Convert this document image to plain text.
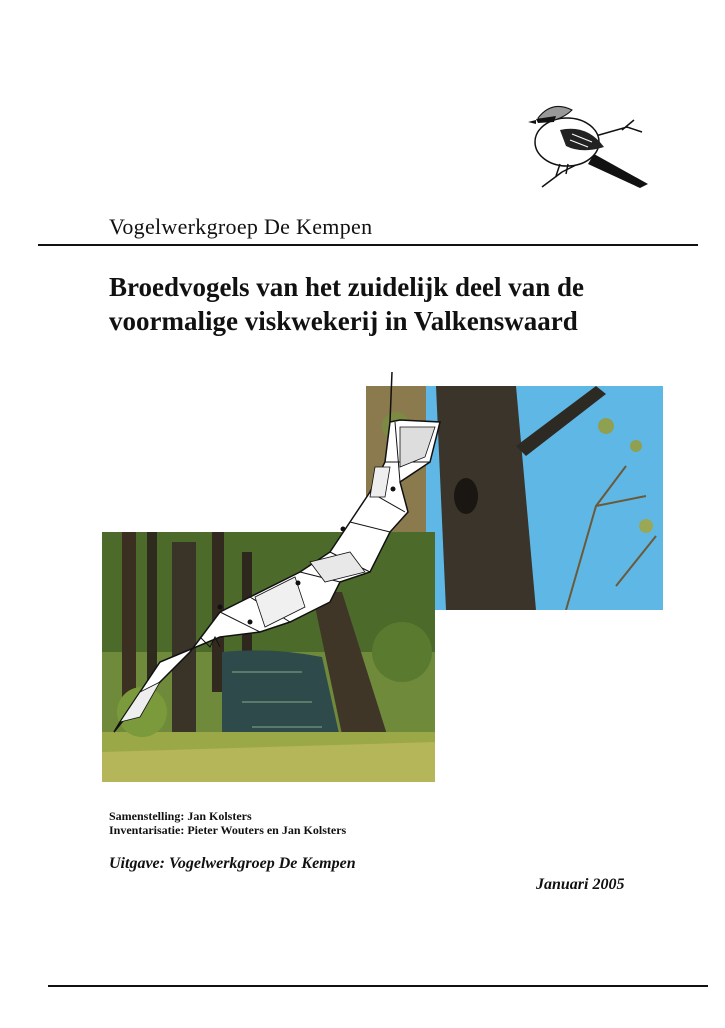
Vogelwerkgroep De Kempen
Broedvogels van het zuidelijk deel van de
voormalige viskwekerij in Valkenswaard
Samenstelling: Jan Kolsters
Inventarisatie: Pieter Wouters en Jan Kolsters
Uitgave: Vogelwerkgroep De Kempen
Januari 2005
